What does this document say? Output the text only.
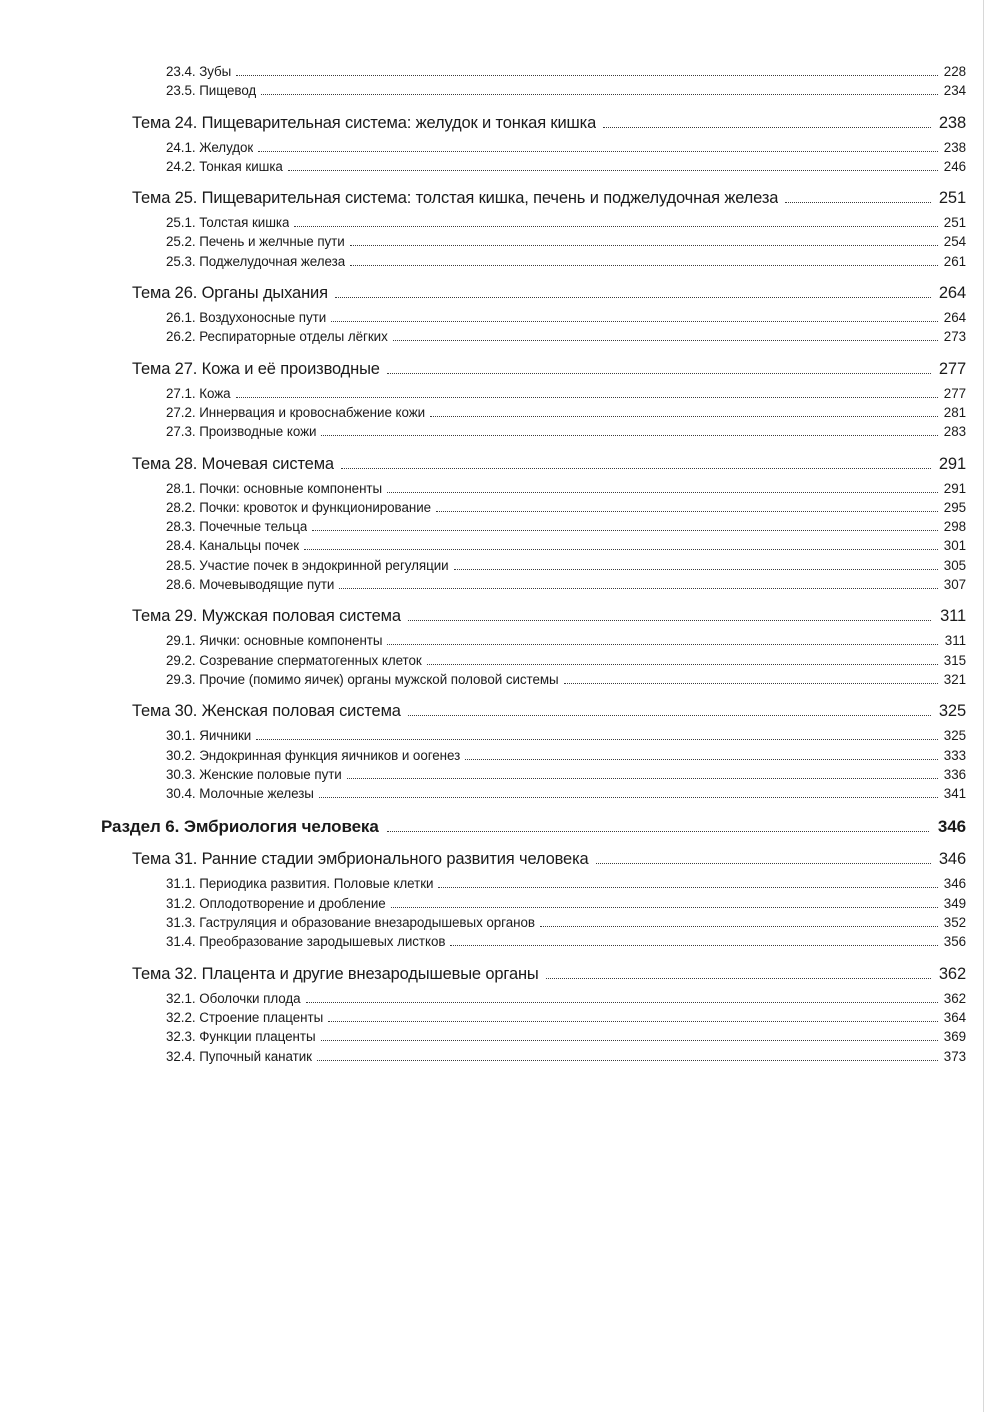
23.4. Зубы	228
23.5. Пищевод	234
Тема 24. Пищеварительная система: желудок и тонкая кишка	238
24.1. Желудок	238
24.2. Тонкая кишка	246
Тема 25. Пищеварительная система: толстая кишка, печень и поджелудочная железа	251
25.1. Толстая кишка	251
25.2. Печень и желчные пути	254
25.3. Поджелудочная железа	261
Тема 26. Органы дыхания	264
26.1. Воздухоносные пути	264
26.2. Респираторные отделы лёгких	273
Тема 27. Кожа и её производные	277
27.1. Кожа	277
27.2. Иннервация и кровоснабжение кожи	281
27.3. Производные кожи	283
Тема 28. Мочевая система	291
28.1. Почки: основные компоненты	291
28.2. Почки: кровоток и функционирование	295
28.3. Почечные тельца	298
28.4. Канальцы почек	301
28.5. Участие почек в эндокринной регуляции	305
28.6. Мочевыводящие пути	307
Тема 29. Мужская половая система	311
29.1. Яички: основные компоненты	311
29.2. Созревание сперматогенных клеток	315
29.3. Прочие (помимо яичек) органы мужской половой системы	321
Тема 30. Женская половая система	325
30.1. Яичники	325
30.2. Эндокринная функция яичников и оогенез	333
30.3. Женские половые пути	336
30.4. Молочные железы	341
Раздел 6. Эмбриология человека	346
Тема 31. Ранние стадии эмбрионального развития человека	346
31.1. Периодика развития. Половые клетки	346
31.2. Оплодотворение и дробление	349
31.3. Гаструляция и образование внезародышевых органов	352
31.4. Преобразование зародышевых листков	356
Тема 32. Плацента и другие внезародышевые органы	362
32.1. Оболочки плода	362
32.2. Строение плаценты	364
32.3. Функции плаценты	369
32.4. Пупочный канатик	373
